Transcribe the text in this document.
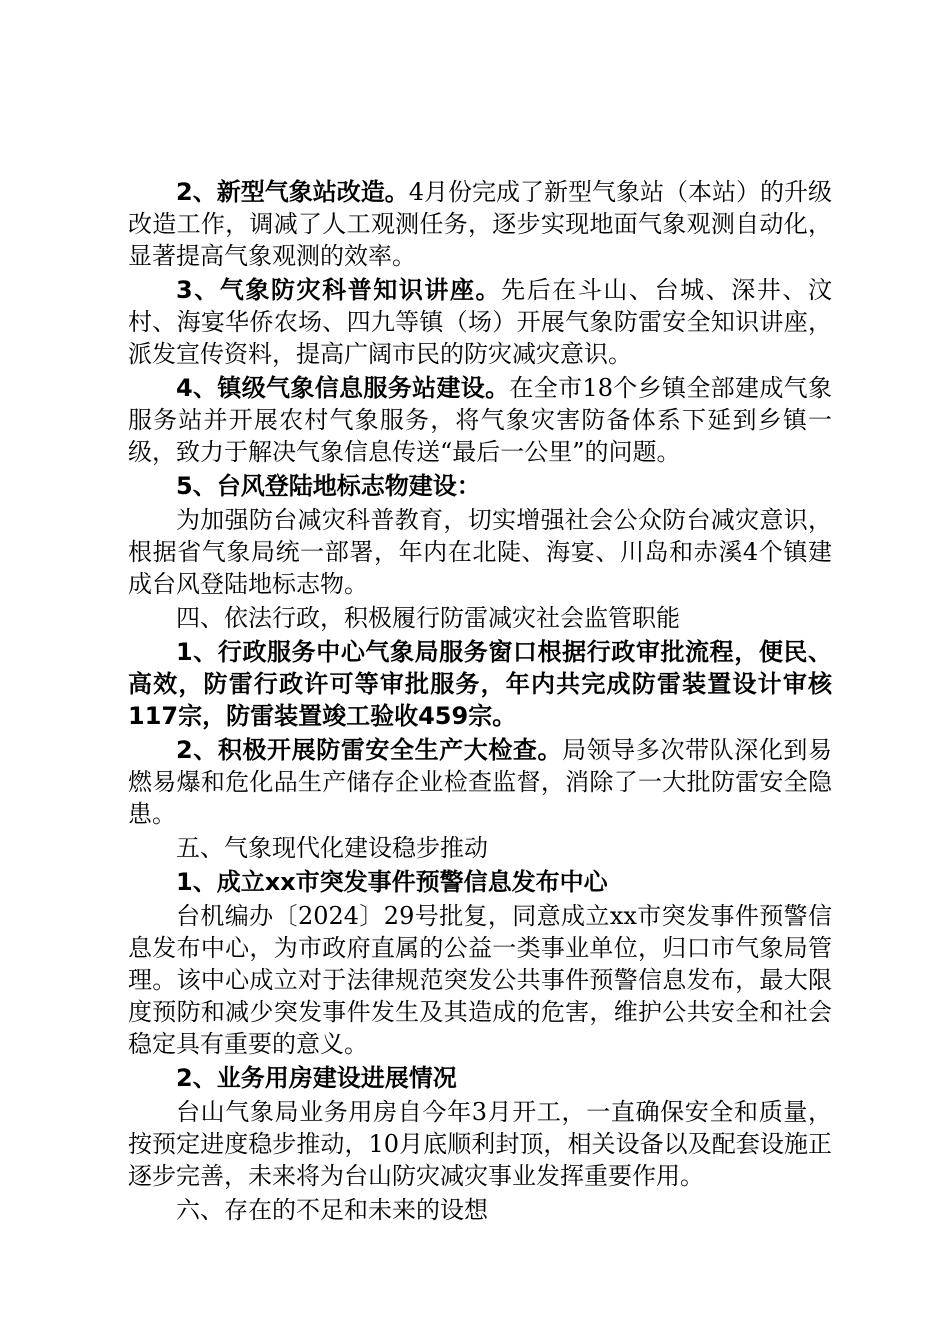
2、新型气象站改造。4月份完成了新型气象站（本站）的升级改造工作，调减了人工观测任务，逐步实现地面气象观测自动化，显著提高气象观测的效率。

3、气象防灾科普知识讲座。先后在斗山、台城、深井、汶村、海宴华侨农场、四九等镇（场）开展气象防雷安全知识讲座，派发宣传资料，提高广阔市民的防灾减灾意识。

4、镇级气象信息服务站建设。在全市18个乡镇全部建成气象服务站并开展农村气象服务，将气象灾害防备体系下延到乡镇一级，致力于解决气象信息传送“最后一公里”的问题。

5、台风登陆地标志物建设：

为加强防台减灾科普教育，切实增强社会公众防台减灾意识，根据省气象局统一部署，年内在北陡、海宴、川岛和赤溪4个镇建成台风登陆地标志物。

四、依法行政，积极履行防雷减灾社会监管职能

1、行政服务中心气象局服务窗口根据行政审批流程，便民、高效，防雷行政许可等审批服务，年内共完成防雷装置设计审核117宗，防雷装置竣工验收459宗。

2、积极开展防雷安全生产大检查。局领导多次带队深化到易燃易爆和危化品生产储存企业检查监督，消除了一大批防雷安全隐患。

五、气象现代化建设稳步推动

1、成立xx市突发事件预警信息发布中心

台机编办〔2024〕29号批复，同意成立xx市突发事件预警信息发布中心，为市政府直属的公益一类事业单位，归口市气象局管理。该中心成立对于法律规范突发公共事件预警信息发布，最大限度预防和减少突发事件发生及其造成的危害，维护公共安全和社会稳定具有重要的意义。

2、业务用房建设进展情况

台山气象局业务用房自今年3月开工，一直确保安全和质量，按预定进度稳步推动，10月底顺利封顶，相关设备以及配套设施正逐步完善，未来将为台山防灾减灾事业发挥重要作用。

六、存在的不足和未来的设想
